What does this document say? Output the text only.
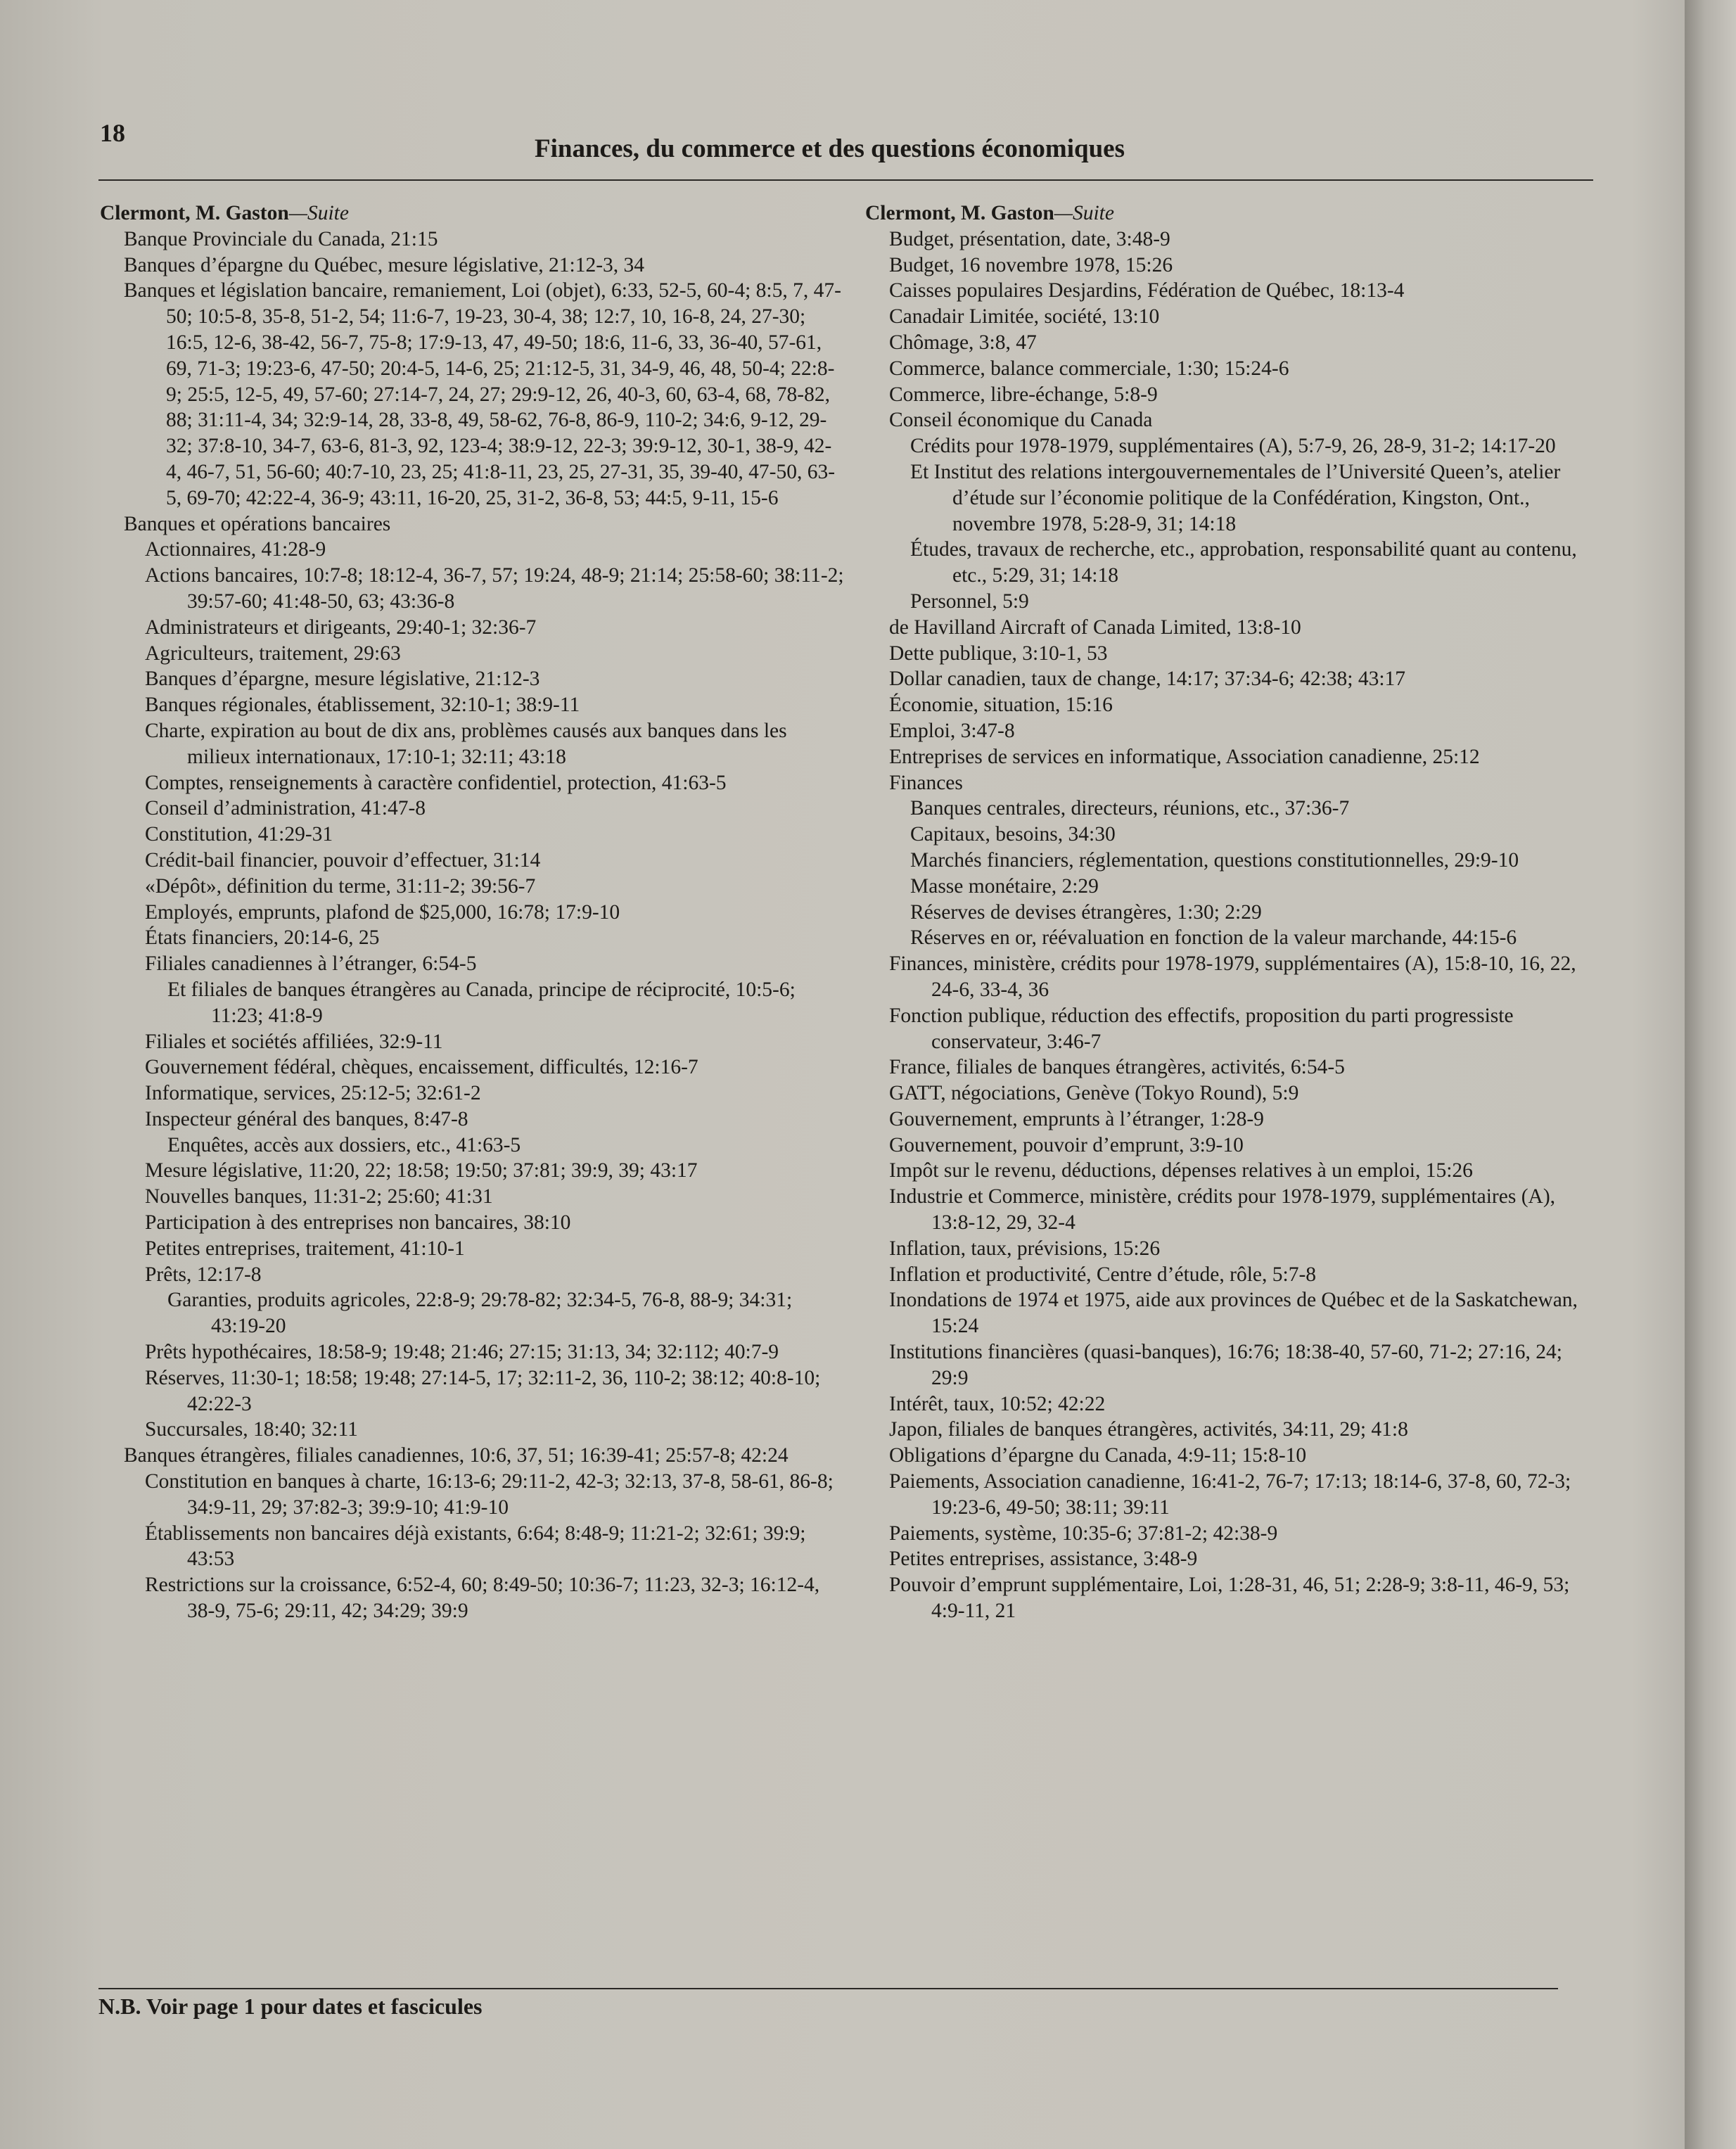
18
Finances, du commerce et des questions économiques
Clermont, M. Gaston—Suite
Banque Provinciale du Canada, 21:15
Banques d’épargne du Québec, mesure législative, 21:12-3, 34
Banques et législation bancaire, remaniement, Loi (objet), 6:33, 52-5, 60-4; 8:5, 7, 47-50; 10:5-8, 35-8, 51-2, 54; 11:6-7, 19-23, 30-4, 38; 12:7, 10, 16-8, 24, 27-30; 16:5, 12-6, 38-42, 56-7, 75-8; 17:9-13, 47, 49-50; 18:6, 11-6, 33, 36-40, 57-61, 69, 71-3; 19:23-6, 47-50; 20:4-5, 14-6, 25; 21:12-5, 31, 34-9, 46, 48, 50-4; 22:8-9; 25:5, 12-5, 49, 57-60; 27:14-7, 24, 27; 29:9-12, 26, 40-3, 60, 63-4, 68, 78-82, 88; 31:11-4, 34; 32:9-14, 28, 33-8, 49, 58-62, 76-8, 86-9, 110-2; 34:6, 9-12, 29-32; 37:8-10, 34-7, 63-6, 81-3, 92, 123-4; 38:9-12, 22-3; 39:9-12, 30-1, 38-9, 42-4, 46-7, 51, 56-60; 40:7-10, 23, 25; 41:8-11, 23, 25, 27-31, 35, 39-40, 47-50, 63-5, 69-70; 42:22-4, 36-9; 43:11, 16-20, 25, 31-2, 36-8, 53; 44:5, 9-11, 15-6
Banques et opérations bancaires
Actionnaires, 41:28-9
Actions bancaires, 10:7-8; 18:12-4, 36-7, 57; 19:24, 48-9; 21:14; 25:58-60; 38:11-2; 39:57-60; 41:48-50, 63; 43:36-8
Administrateurs et dirigeants, 29:40-1; 32:36-7
Agriculteurs, traitement, 29:63
Banques d’épargne, mesure législative, 21:12-3
Banques régionales, établissement, 32:10-1; 38:9-11
Charte, expiration au bout de dix ans, problèmes causés aux banques dans les milieux internationaux, 17:10-1; 32:11; 43:18
Comptes, renseignements à caractère confidentiel, protection, 41:63-5
Conseil d’administration, 41:47-8
Constitution, 41:29-31
Crédit-bail financier, pouvoir d’effectuer, 31:14
«Dépôt», définition du terme, 31:11-2; 39:56-7
Employés, emprunts, plafond de $25,000, 16:78; 17:9-10
États financiers, 20:14-6, 25
Filiales canadiennes à l’étranger, 6:54-5
Et filiales de banques étrangères au Canada, principe de réciprocité, 10:5-6; 11:23; 41:8-9
Filiales et sociétés affiliées, 32:9-11
Gouvernement fédéral, chèques, encaissement, difficultés, 12:16-7
Informatique, services, 25:12-5; 32:61-2
Inspecteur général des banques, 8:47-8
Enquêtes, accès aux dossiers, etc., 41:63-5
Mesure législative, 11:20, 22; 18:58; 19:50; 37:81; 39:9, 39; 43:17
Nouvelles banques, 11:31-2; 25:60; 41:31
Participation à des entreprises non bancaires, 38:10
Petites entreprises, traitement, 41:10-1
Prêts, 12:17-8
Garanties, produits agricoles, 22:8-9; 29:78-82; 32:34-5, 76-8, 88-9; 34:31; 43:19-20
Prêts hypothécaires, 18:58-9; 19:48; 21:46; 27:15; 31:13, 34; 32:112; 40:7-9
Réserves, 11:30-1; 18:58; 19:48; 27:14-5, 17; 32:11-2, 36, 110-2; 38:12; 40:8-10; 42:22-3
Succursales, 18:40; 32:11
Banques étrangères, filiales canadiennes, 10:6, 37, 51; 16:39-41; 25:57-8; 42:24
Constitution en banques à charte, 16:13-6; 29:11-2, 42-3; 32:13, 37-8, 58-61, 86-8; 34:9-11, 29; 37:82-3; 39:9-10; 41:9-10
Établissements non bancaires déjà existants, 6:64; 8:48-9; 11:21-2; 32:61; 39:9; 43:53
Restrictions sur la croissance, 6:52-4, 60; 8:49-50; 10:36-7; 11:23, 32-3; 16:12-4, 38-9, 75-6; 29:11, 42; 34:29; 39:9
Clermont, M. Gaston—Suite
Budget, présentation, date, 3:48-9
Budget, 16 novembre 1978, 15:26
Caisses populaires Desjardins, Fédération de Québec, 18:13-4
Canadair Limitée, société, 13:10
Chômage, 3:8, 47
Commerce, balance commerciale, 1:30; 15:24-6
Commerce, libre-échange, 5:8-9
Conseil économique du Canada
Crédits pour 1978-1979, supplémentaires (A), 5:7-9, 26, 28-9, 31-2; 14:17-20
Et Institut des relations intergouvernementales de l’Université Queen’s, atelier d’étude sur l’économie politique de la Confédération, Kingston, Ont., novembre 1978, 5:28-9, 31; 14:18
Études, travaux de recherche, etc., approbation, responsabilité quant au contenu, etc., 5:29, 31; 14:18
Personnel, 5:9
de Havilland Aircraft of Canada Limited, 13:8-10
Dette publique, 3:10-1, 53
Dollar canadien, taux de change, 14:17; 37:34-6; 42:38; 43:17
Économie, situation, 15:16
Emploi, 3:47-8
Entreprises de services en informatique, Association canadienne, 25:12
Finances
Banques centrales, directeurs, réunions, etc., 37:36-7
Capitaux, besoins, 34:30
Marchés financiers, réglementation, questions constitutionnelles, 29:9-10
Masse monétaire, 2:29
Réserves de devises étrangères, 1:30; 2:29
Réserves en or, réévaluation en fonction de la valeur marchande, 44:15-6
Finances, ministère, crédits pour 1978-1979, supplémentaires (A), 15:8-10, 16, 22, 24-6, 33-4, 36
Fonction publique, réduction des effectifs, proposition du parti progressiste conservateur, 3:46-7
France, filiales de banques étrangères, activités, 6:54-5
GATT, négociations, Genève (Tokyo Round), 5:9
Gouvernement, emprunts à l’étranger, 1:28-9
Gouvernement, pouvoir d’emprunt, 3:9-10
Impôt sur le revenu, déductions, dépenses relatives à un emploi, 15:26
Industrie et Commerce, ministère, crédits pour 1978-1979, supplémentaires (A), 13:8-12, 29, 32-4
Inflation, taux, prévisions, 15:26
Inflation et productivité, Centre d’étude, rôle, 5:7-8
Inondations de 1974 et 1975, aide aux provinces de Québec et de la Saskatchewan, 15:24
Institutions financières (quasi-banques), 16:76; 18:38-40, 57-60, 71-2; 27:16, 24; 29:9
Intérêt, taux, 10:52; 42:22
Japon, filiales de banques étrangères, activités, 34:11, 29; 41:8
Obligations d’épargne du Canada, 4:9-11; 15:8-10
Paiements, Association canadienne, 16:41-2, 76-7; 17:13; 18:14-6, 37-8, 60, 72-3; 19:23-6, 49-50; 38:11; 39:11
Paiements, système, 10:35-6; 37:81-2; 42:38-9
Petites entreprises, assistance, 3:48-9
Pouvoir d’emprunt supplémentaire, Loi, 1:28-31, 46, 51; 2:28-9; 3:8-11, 46-9, 53; 4:9-11, 21
N.B. Voir page 1 pour dates et fascicules
